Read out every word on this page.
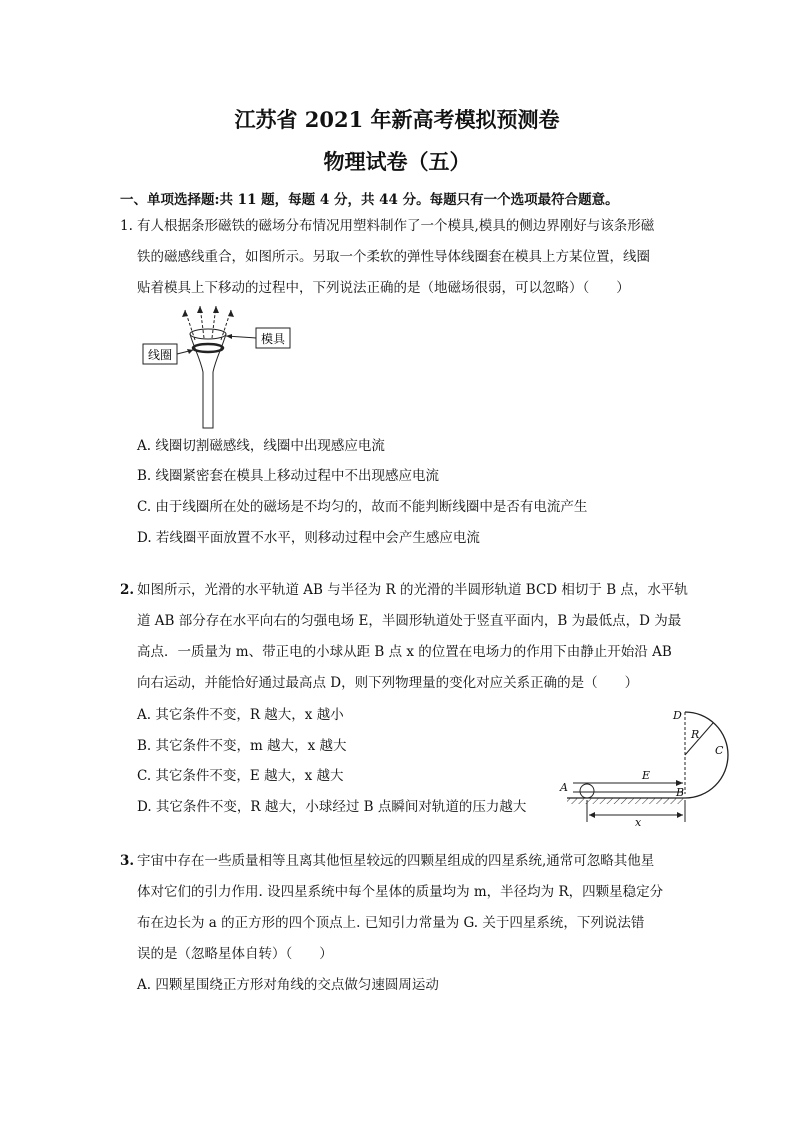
江苏省 2021 年新高考模拟预测卷
物理试卷（五）
一、单项选择题:共 11 题，每题 4 分，共 44 分。每题只有一个选项最符合题意。
1. 有人根据条形磁铁的磁场分布情况用塑料制作了一个模具,模具的侧边界刚好与该条形磁
铁的磁感线重合，如图所示。另取一个柔软的弹性导体线圈套在模具上方某位置，线圈
贴着模具上下移动的过程中，下列说法正确的是（地磁场很弱，可以忽略）（　　）
线圈
模具
A. 线圈切割磁感线，线圈中出现感应电流
B. 线圈紧密套在模具上移动过程中不出现感应电流
C. 由于线圈所在处的磁场是不均匀的，故而不能判断线圈中是否有电流产生
D. 若线圈平面放置不水平，则移动过程中会产生感应电流
2. 如图所示，光滑的水平轨道 AB 与半径为 R 的光滑的半圆形轨道 BCD 相切于 B 点，水平轨
道 AB 部分存在水平向右的匀强电场 E，半圆形轨道处于竖直平面内，B 为最低点，D 为最
高点．一质量为 m、带正电的小球从距 B 点 x 的位置在电场力的作用下由静止开始沿 AB
向右运动，并能恰好通过最高点 D，则下列物理量的变化对应关系正确的是（　　）
A. 其它条件不变，R 越大，x 越小
B. 其它条件不变，m 越大，x 越大
C. 其它条件不变，E 越大，x 越大
D. 其它条件不变，R 越大，小球经过 B 点瞬间对轨道的压力越大
D
R
C
E
A	B
x
3. 宇宙中存在一些质量相等且离其他恒星较远的四颗星组成的四星系统,通常可忽略其他星
体对它们的引力作用. 设四星系统中每个星体的质量均为 m，半径均为 R，四颗星稳定分
布在边长为 a 的正方形的四个顶点上. 已知引力常量为 G. 关于四星系统，下列说法错
误的是（忽略星体自转）（　　）
A. 四颗星围绕正方形对角线的交点做匀速圆周运动
